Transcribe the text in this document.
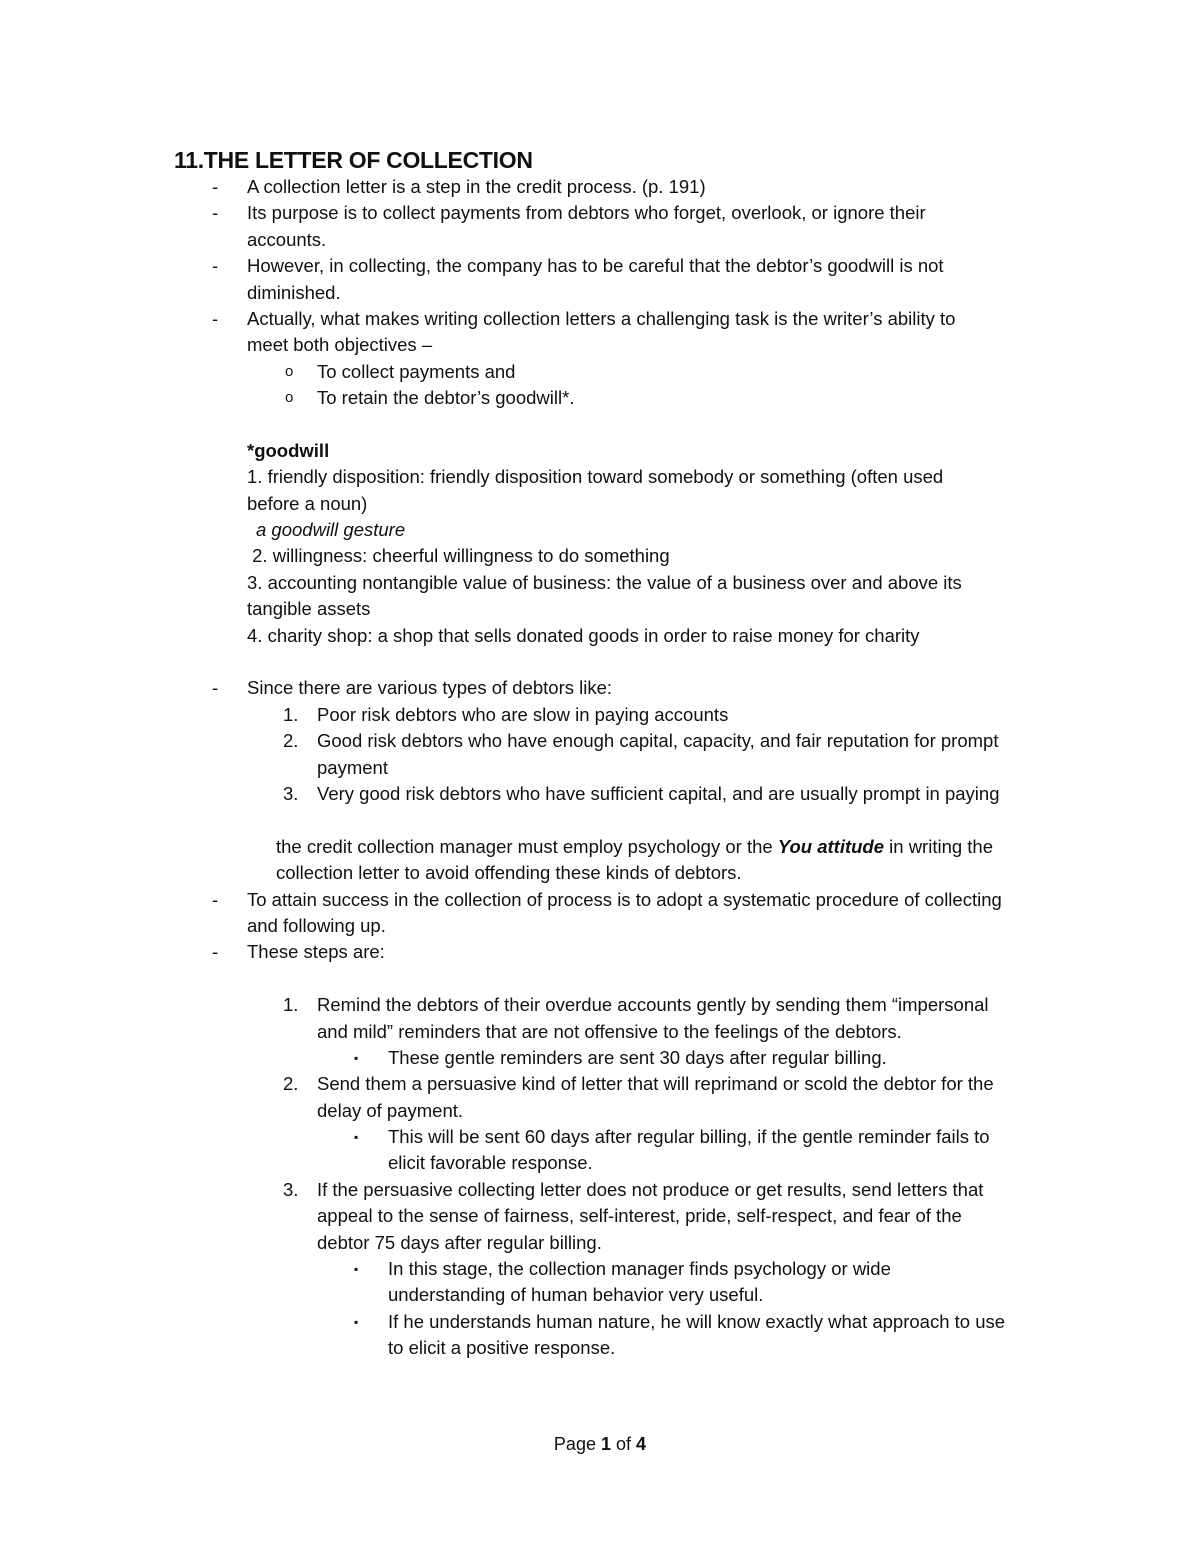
11.THE LETTER OF COLLECTION
- A collection letter is a step in the credit process. (p. 191)
- Its purpose is to collect payments from debtors who forget, overlook, or ignore their
accounts.
- However, in collecting, the company has to be careful that the debtor’s goodwill is not
diminished.
- Actually, what makes writing collection letters a challenging task is the writer’s ability to
meet both objectives –
o To collect payments and
o To retain the debtor’s goodwill*.
*goodwill
1. friendly disposition: friendly disposition toward somebody or something (often used
before a noun)
a goodwill gesture
2. willingness: cheerful willingness to do something
3. accounting nontangible value of business: the value of a business over and above its
tangible assets
4. charity shop: a shop that sells donated goods in order to raise money for charity
- Since there are various types of debtors like:
1. Poor risk debtors who are slow in paying accounts
2. Good risk debtors who have enough capital, capacity, and fair reputation for prompt
payment
3. Very good risk debtors who have sufficient capital, and are usually prompt in paying
the credit collection manager must employ psychology or the You attitude in writing the
collection letter to avoid offending these kinds of debtors.
- To attain success in the collection of process is to adopt a systematic procedure of collecting
and following up.
- These steps are:
1. Remind the debtors of their overdue accounts gently by sending them “impersonal
and mild” reminders that are not offensive to the feelings of the debtors.
▪ These gentle reminders are sent 30 days after regular billing.
2. Send them a persuasive kind of letter that will reprimand or scold the debtor for the
delay of payment.
▪ This will be sent 60 days after regular billing, if the gentle reminder fails to
elicit favorable response.
3. If the persuasive collecting letter does not produce or get results, send letters that
appeal to the sense of fairness, self-interest, pride, self-respect, and fear of the
debtor 75 days after regular billing.
▪ In this stage, the collection manager finds psychology or wide
understanding of human behavior very useful.
▪ If he understands human nature, he will know exactly what approach to use
to elicit a positive response.
Page 1 of 4
